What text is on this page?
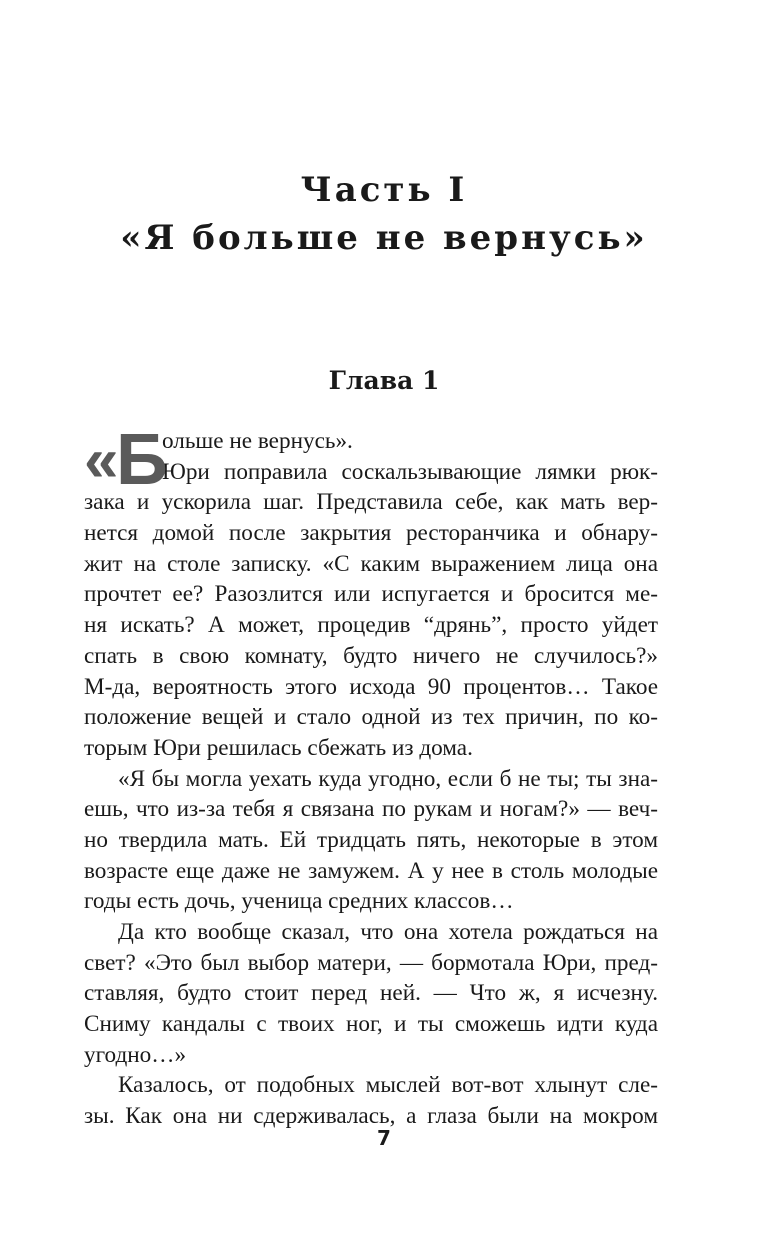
Часть I
«Я больше не вернусь»
Глава 1
«
Б
ольше не вернусь».
Юри поправила соскальзывающие лямки рюк-
зака и ускорила шаг. Представила себе, как мать вер-
нется домой после закрытия ресторанчика и обнару-
жит на столе записку. «С каким выражением лица она
прочтет ее? Разозлится или испугается и бросится ме-
ня искать? А может, процедив “дрянь”, просто уйдет
спать в свою комнату, будто ничего не случилось?»
М-да, вероятность этого исхода 90 процентов… Такое
положение вещей и стало одной из тех причин, по ко-
торым Юри решилась сбежать из дома.
«Я бы могла уехать куда угодно, если б не ты; ты зна-
ешь, что из-за тебя я связана по рукам и ногам?» — веч-
но твердила мать. Ей тридцать пять, некоторые в этом
возрасте еще даже не замужем. А у нее в столь молодые
годы есть дочь, ученица средних классов…
Да кто вообще сказал, что она хотела рождаться на
свет? «Это был выбор матери, — бормотала Юри, пред-
ставляя, будто стоит перед ней. — Что ж, я исчезну.
Сниму кандалы с твоих ног, и ты сможешь идти куда
угодно…»
Казалось, от подобных мыслей вот-вот хлынут сле-
зы. Как она ни сдерживалась, а глаза были на мокром
7
